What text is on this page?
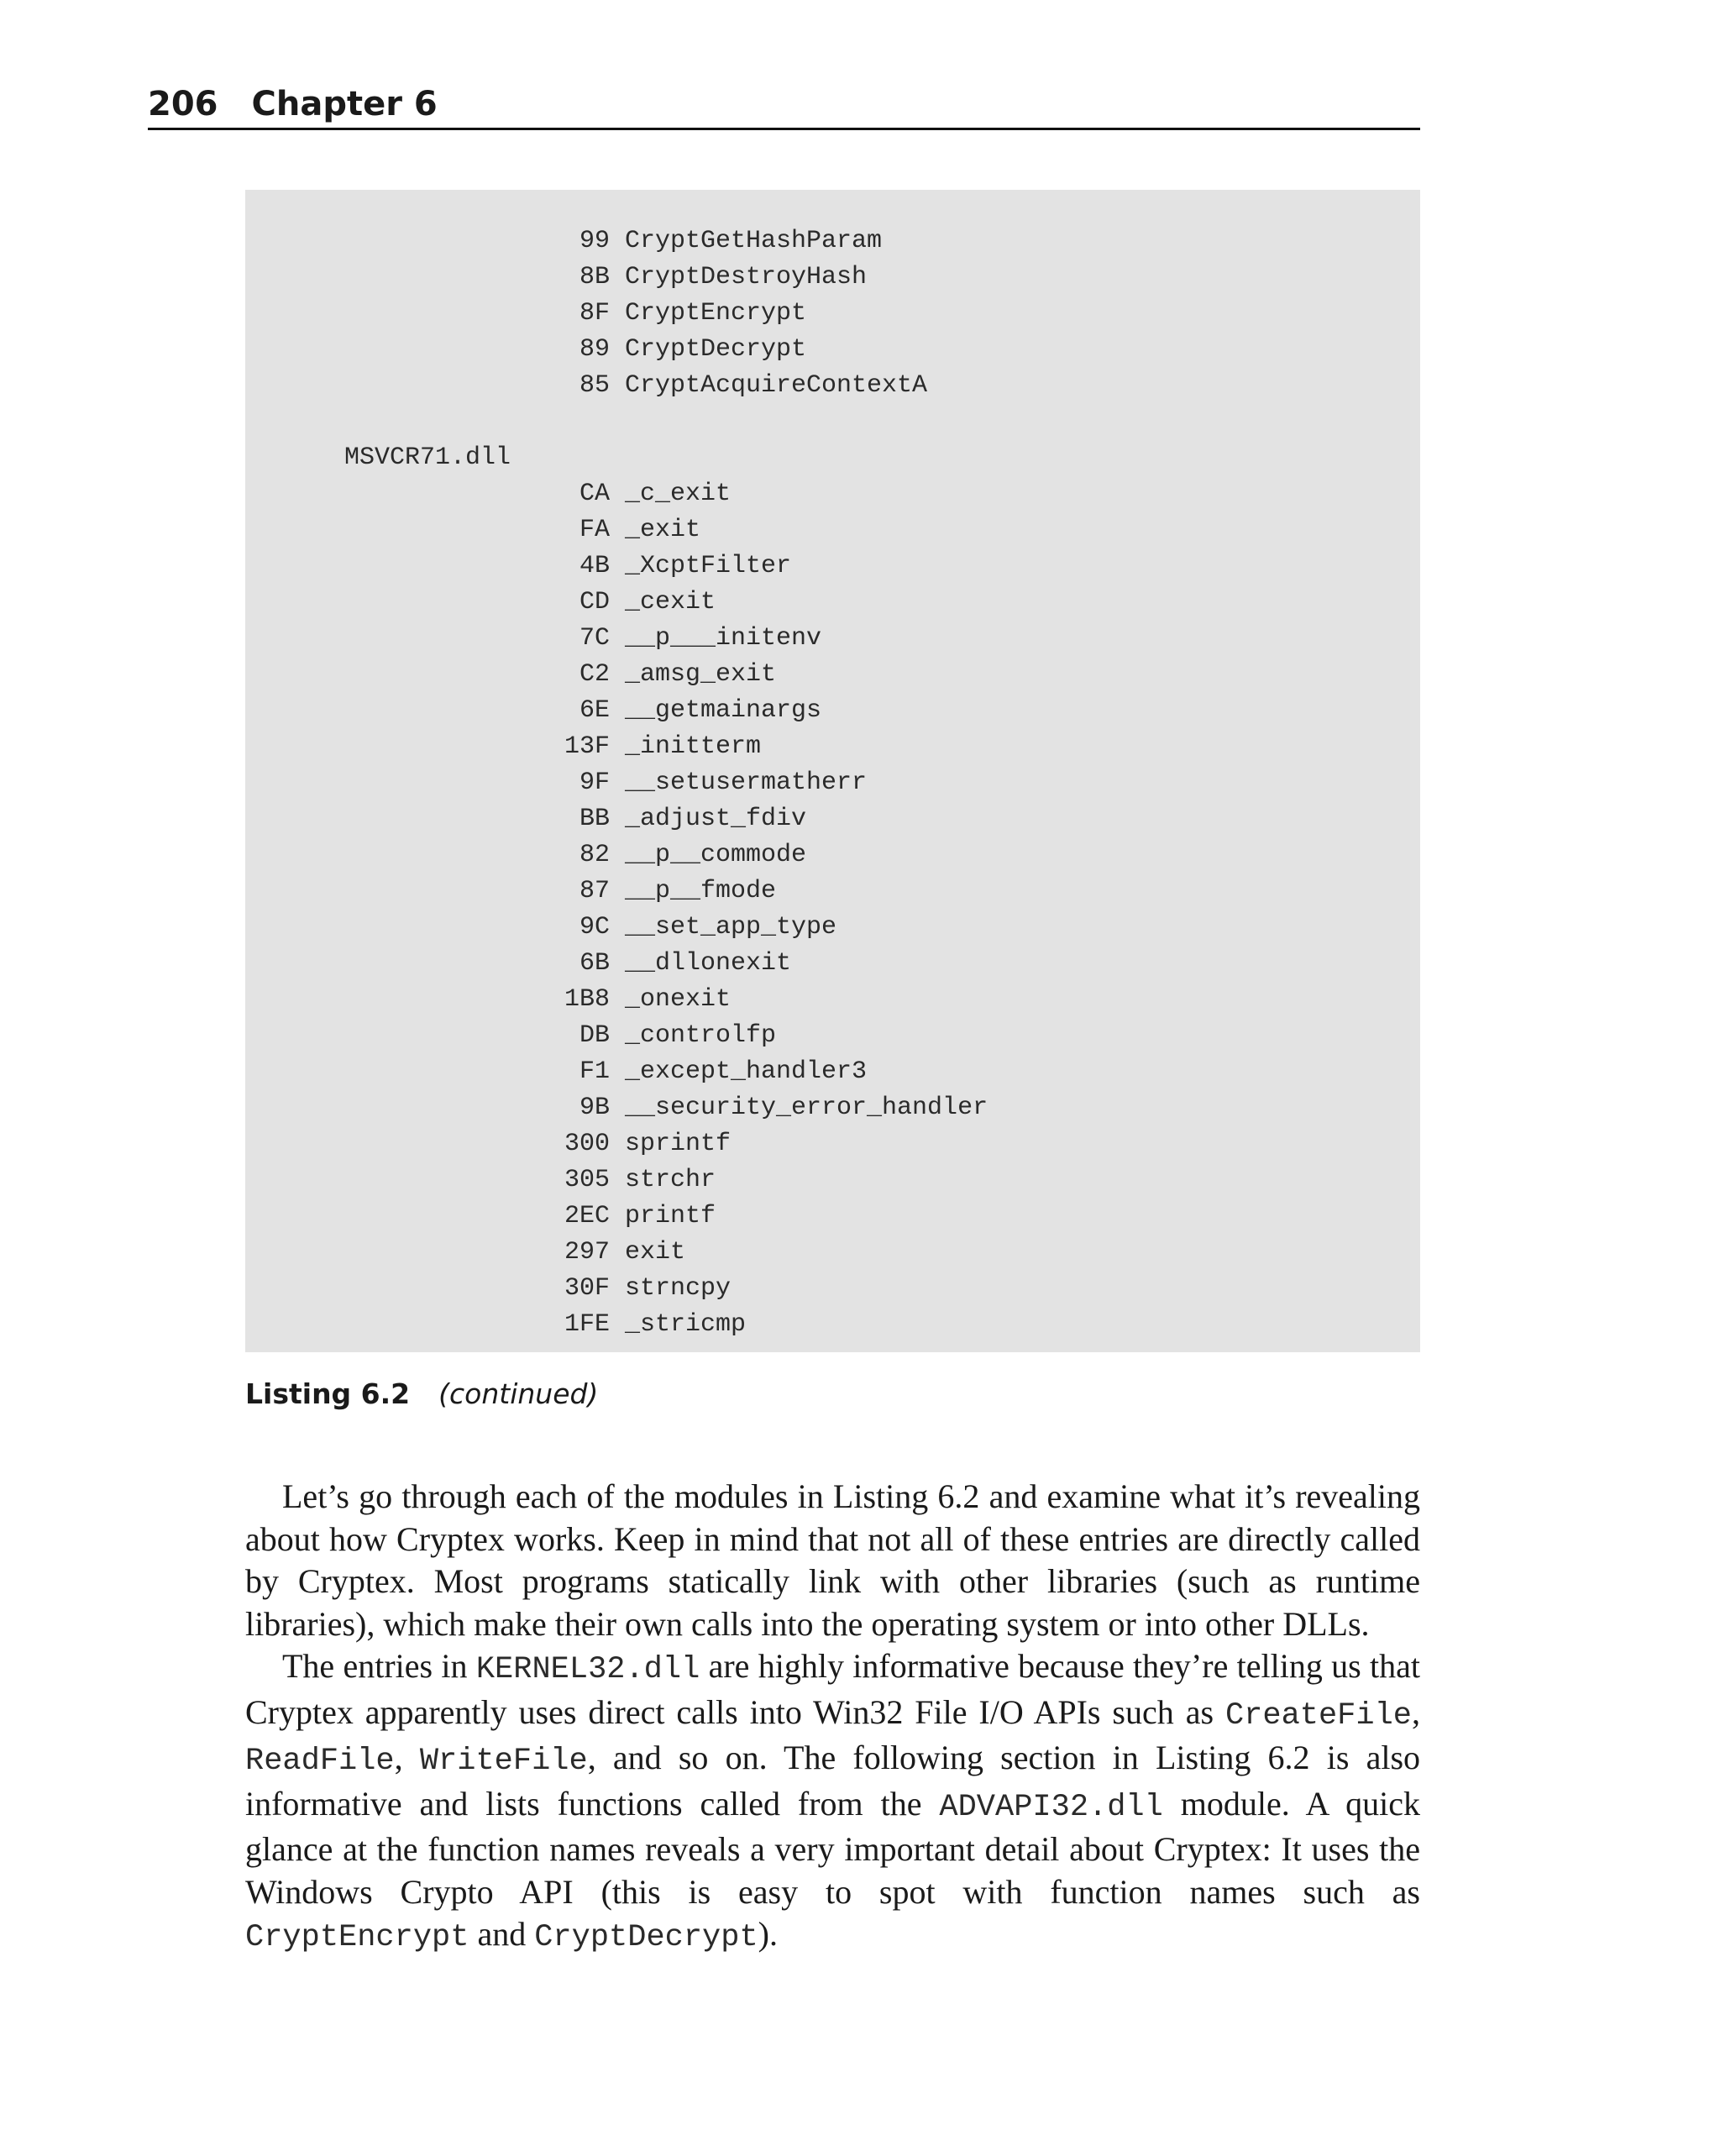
206 Chapter 6
99 CryptGetHashParam
8B CryptDestroyHash
8F CryptEncrypt
89 CryptDecrypt
85 CryptAcquireContextA
MSVCR71.dll
CA _c_exit
FA _exit
4B _XcptFilter
CD _cexit
7C __p___initenv
C2 _amsg_exit
6E __getmainargs
13F _initterm
9F __setusermatherr
BB _adjust_fdiv
82 __p__commode
87 __p__fmode
9C __set_app_type
6B __dllonexit
1B8 _onexit
DB _controlfp
F1 _except_handler3
9B __security_error_handler
300 sprintf
305 strchr
2EC printf
297 exit
30F strncpy
1FE _stricmp
Listing 6.2 (continued)

Let’s go through each of the modules in Listing 6.2 and examine what it’s revealing about how Cryptex works. Keep in mind that not all of these entries are directly called by Cryptex. Most programs statically link with other libraries (such as runtime libraries), which make their own calls into the operating system or into other DLLs.

The entries in KERNEL32.dll are highly informative because they’re telling us that Cryptex apparently uses direct calls into Win32 File I/O APIs such as CreateFile, ReadFile, WriteFile, and so on. The following section in Listing 6.2 is also informative and lists functions called from the ADVAPI32.dll module. A quick glance at the function names reveals a very important detail about Cryptex: It uses the Windows Crypto API (this is easy to spot with function names such as CryptEncrypt and CryptDecrypt).
